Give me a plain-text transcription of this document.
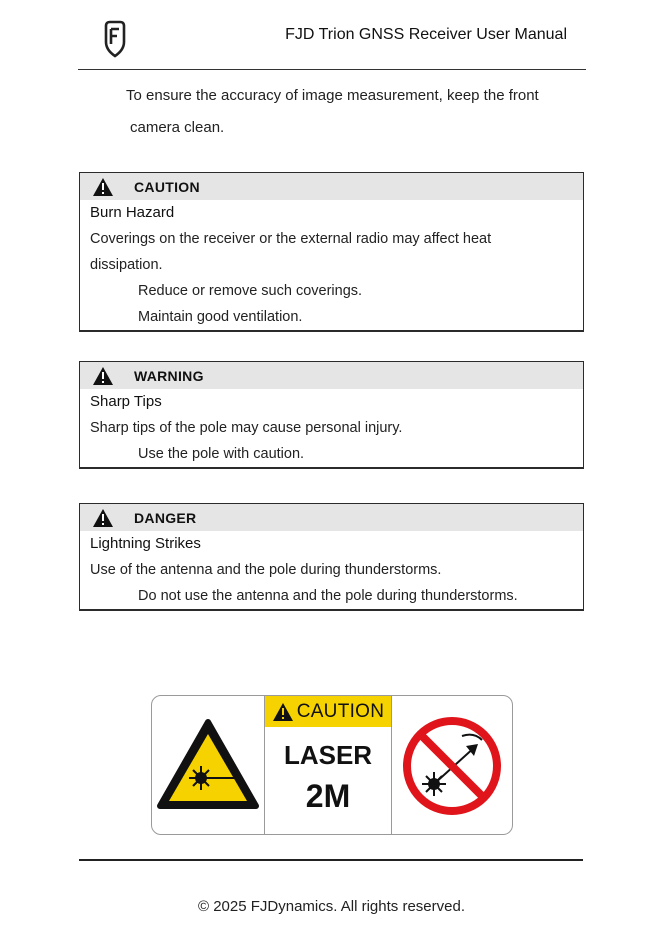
FJD Trion GNSS Receiver User Manual
To ensure the accuracy of image measurement, keep the front
camera clean.
CAUTION
Burn Hazard
Coverings on the receiver or the external radio may affect heat
dissipation.
Reduce or remove such coverings.
Maintain good ventilation.
WARNING
Sharp Tips
Sharp tips of the pole may cause personal injury.
Use the pole with caution.
DANGER
Lightning Strikes
Use of the antenna and the pole during thunderstorms.
Do not use the antenna and the pole during thunderstorms.
CAUTION
LASER
2M
© 2025 FJDynamics. All rights reserved.
